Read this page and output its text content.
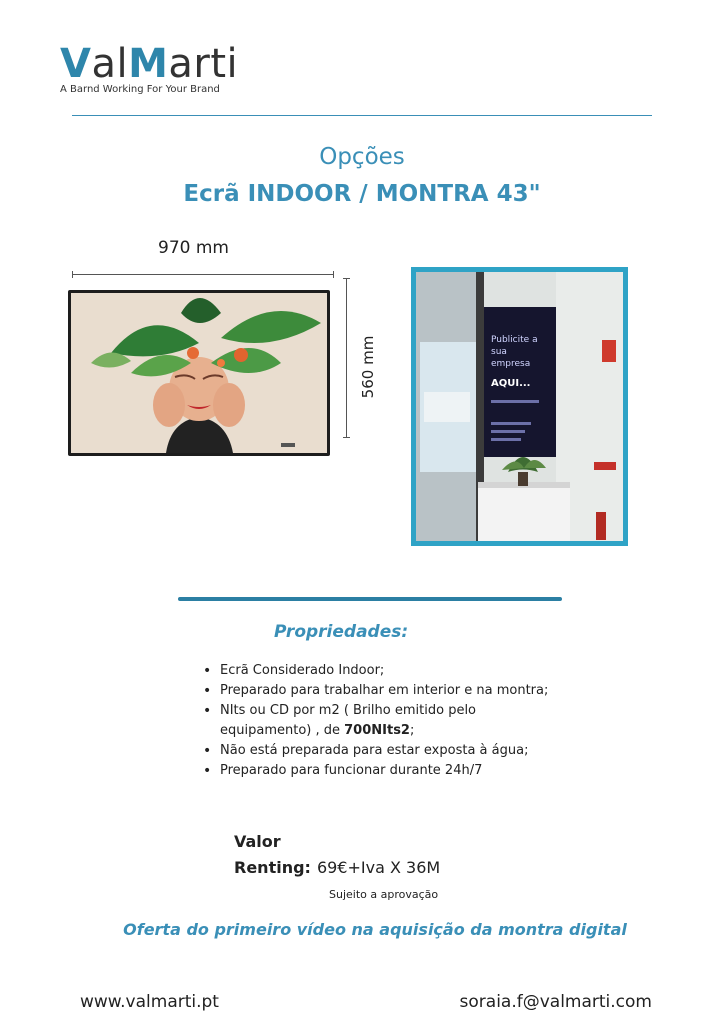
ValMarti
A Barnd Working For Your Brand
Opções
Ecrã INDOOR / MONTRA 43"
970 mm
560 mm	Publicite a
sua
empresa
AQUI...
Propriedades:
• Ecrã Considerado Indoor;
• Preparado para trabalhar em interior e na montra;
• NIts ou CD por m2 ( Brilho emitido pelo equipamento) , de 700NIts2;
• Não está preparada para estar exposta à água;
• Preparado para funcionar durante 24h/7
Valor
Renting: 69€+Iva X 36M
Sujeito a aprovação
Oferta do primeiro vídeo na aquisição da montra digital
www.valmarti.pt	soraia.f@valmarti.com
